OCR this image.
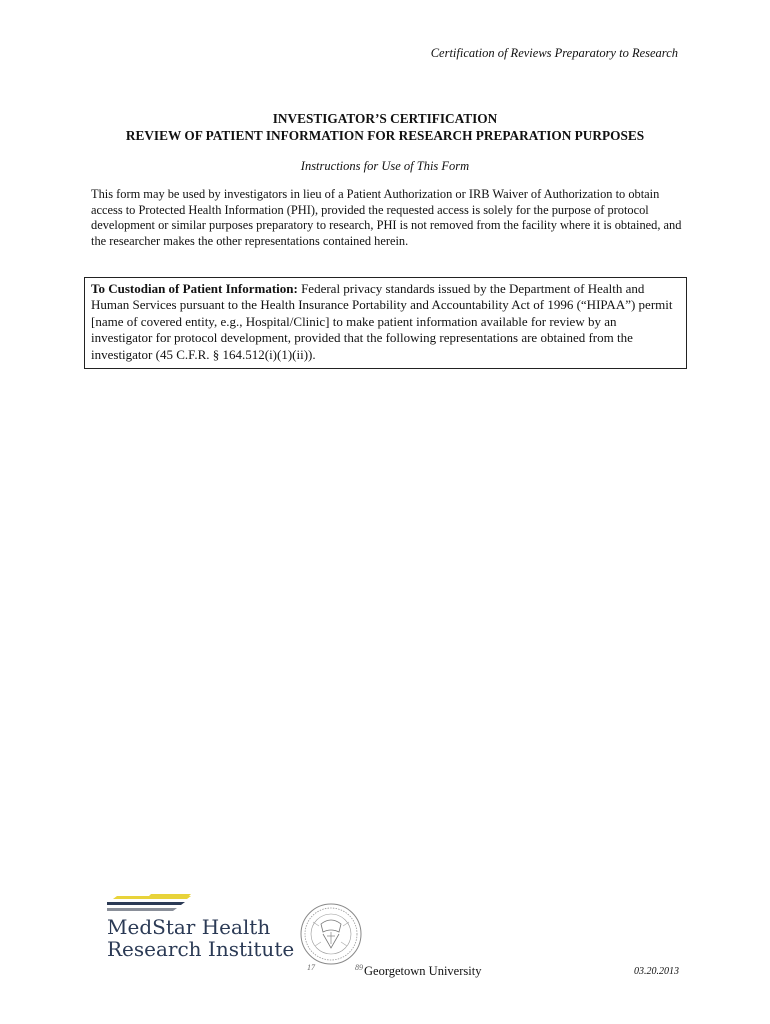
Certification of Reviews Preparatory to Research
INVESTIGATOR’S CERTIFICATION
REVIEW OF PATIENT INFORMATION FOR RESEARCH PREPARATION PURPOSES
Instructions for Use of This Form
This form may be used by investigators in lieu of a Patient Authorization or IRB Waiver of Authorization to obtain access to Protected Health Information (PHI), provided the requested access is solely for the purpose of protocol development or similar purposes preparatory to research, PHI is not removed from the facility where it is obtained, and the researcher makes the other representations contained herein.
To Custodian of Patient Information: Federal privacy standards issued by the Department of Health and Human Services pursuant to the Health Insurance Portability and Accountability Act of 1996 (“HIPAA”) permit [name of covered entity, e.g., Hospital/Clinic] to make patient information available for review by an investigator for protocol development, provided that the following representations are obtained from the investigator (45 C.F.R. § 164.512(i)(1)(ii)).
MedStar Health
Research Institute
17	89 Georgetown University	03.20.2013
